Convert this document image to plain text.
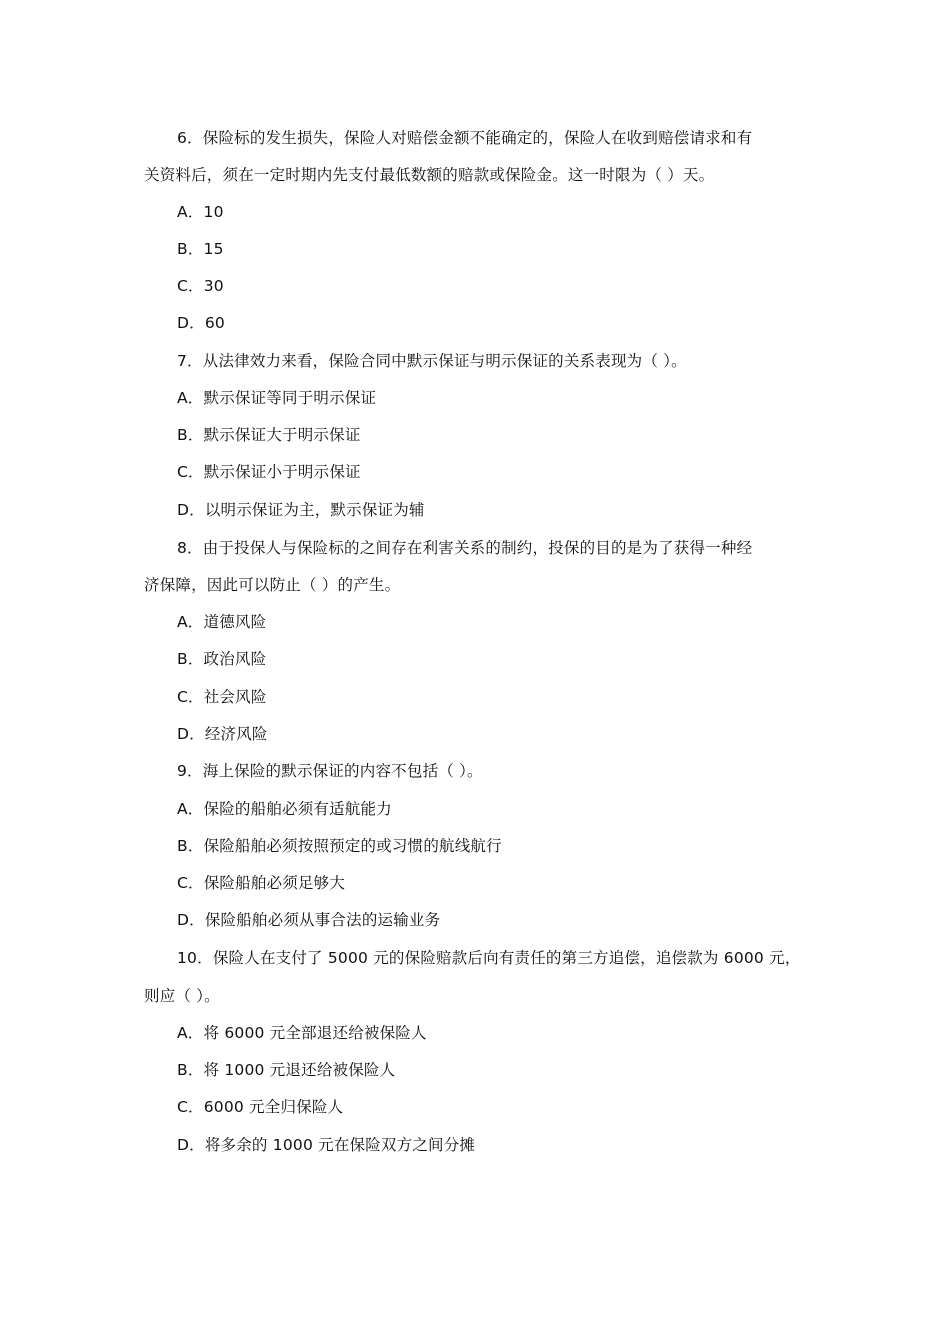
6．保险标的发生损失，保险人对赔偿金额不能确定的，保险人在收到赔偿请求和有
关资料后，须在一定时期内先支付最低数额的赔款或保险金。这一时限为（ ）天。
A．10
B．15
C．30
D．60
7．从法律效力来看，保险合同中默示保证与明示保证的关系表现为（ ）。
A．默示保证等同于明示保证
B．默示保证大于明示保证
C．默示保证小于明示保证
D．以明示保证为主，默示保证为辅
8．由于投保人与保险标的之间存在利害关系的制约，投保的目的是为了获得一种经
济保障，因此可以防止（ ）的产生。
A．道德风险
B．政治风险
C．社会风险
D．经济风险
9．海上保险的默示保证的内容不包括（ ）。
A．保险的船舶必须有适航能力
B．保险船舶必须按照预定的或习惯的航线航行
C．保险船舶必须足够大
D．保险船舶必须从事合法的运输业务
10．保险人在支付了 5000 元的保险赔款后向有责任的第三方追偿，追偿款为 6000 元，
则应（ ）。
A．将 6000 元全部退还给被保险人
B．将 1000 元退还给被保险人
C．6000 元全归保险人
D．将多余的 1000 元在保险双方之间分摊
